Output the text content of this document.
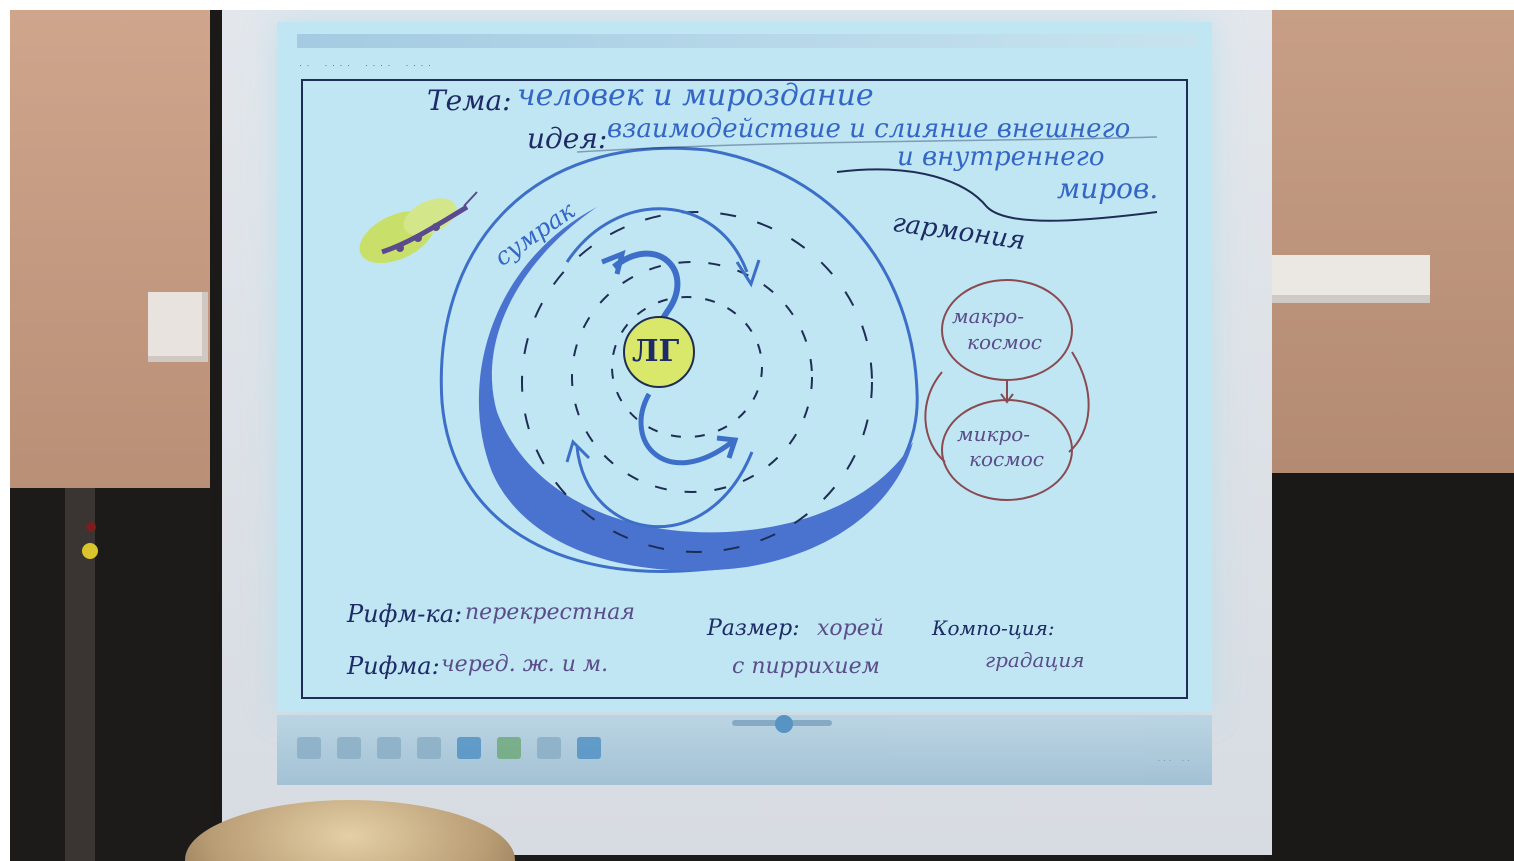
· ·    · · · ·    · · · ·    · · · ·
Тема: человек и мироздание
идея: взаимодействие и слияние внешнего
и внутреннего
миров.
гармония
сумрак
ЛГ
макро-
космос
микро-
космос
Рифм-ка: перекрестная
Рифма: черед. ж. и м.
Размер: хорей
с пиррихием
Компо-ция:
градация
· · ·    · ·
